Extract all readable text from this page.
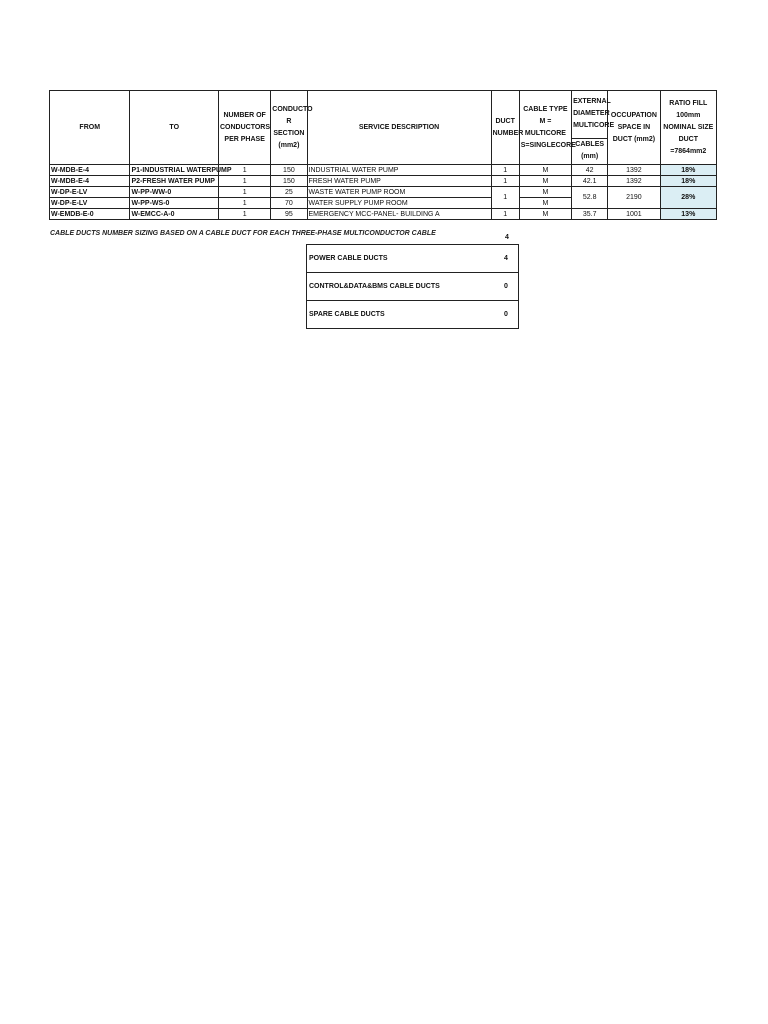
FROM	TO	NUMBER OF CONDUCTORS PER PHASE	CONDUCTO R SECTION (mm2)	SERVICE DESCRIPTION	DUCT NUMBER	CABLE TYPE M = MULTICORE S=SINGLECORE	EXTERNAL DIAMETER MULTICORE	OCCUPATION SPACE IN DUCT (mm2)	RATIO FILL 100mm NOMINAL SIZE DUCT =7864mm2
							CABLES (mm)		
W-MDB-E-4	P1-INDUSTRIAL WATERPUMP	1	150	INDUSTRIAL WATER PUMP	1	M	42	1392	18%
W-MDB-E-4	P2-FRESH WATER PUMP	1	150	FRESH WATER PUMP	1	M	42.1	1392	18%
W-DP-E-LV	W-PP-WW-0	1	25	WASTE WATER PUMP ROOM	1	M	52.8	2190	28%
W-DP-E-LV	W-PP-WS-0	1	70	WATER SUPPLY PUMP ROOM		M			
W-EMDB-E-0	W-EMCC-A-0	1	95	EMERGENCY MCC-PANEL- BUILDING A	1	M	35.7	1001	13%
CABLE DUCTS NUMBER SIZING BASED ON A CABLE DUCT FOR EACH THREE-PHASE MULTICONDUCTOR CABLE
4
POWER CABLE DUCTS	4
CONTROL&DATA&BMS CABLE DUCTS	0
SPARE CABLE DUCTS	0
